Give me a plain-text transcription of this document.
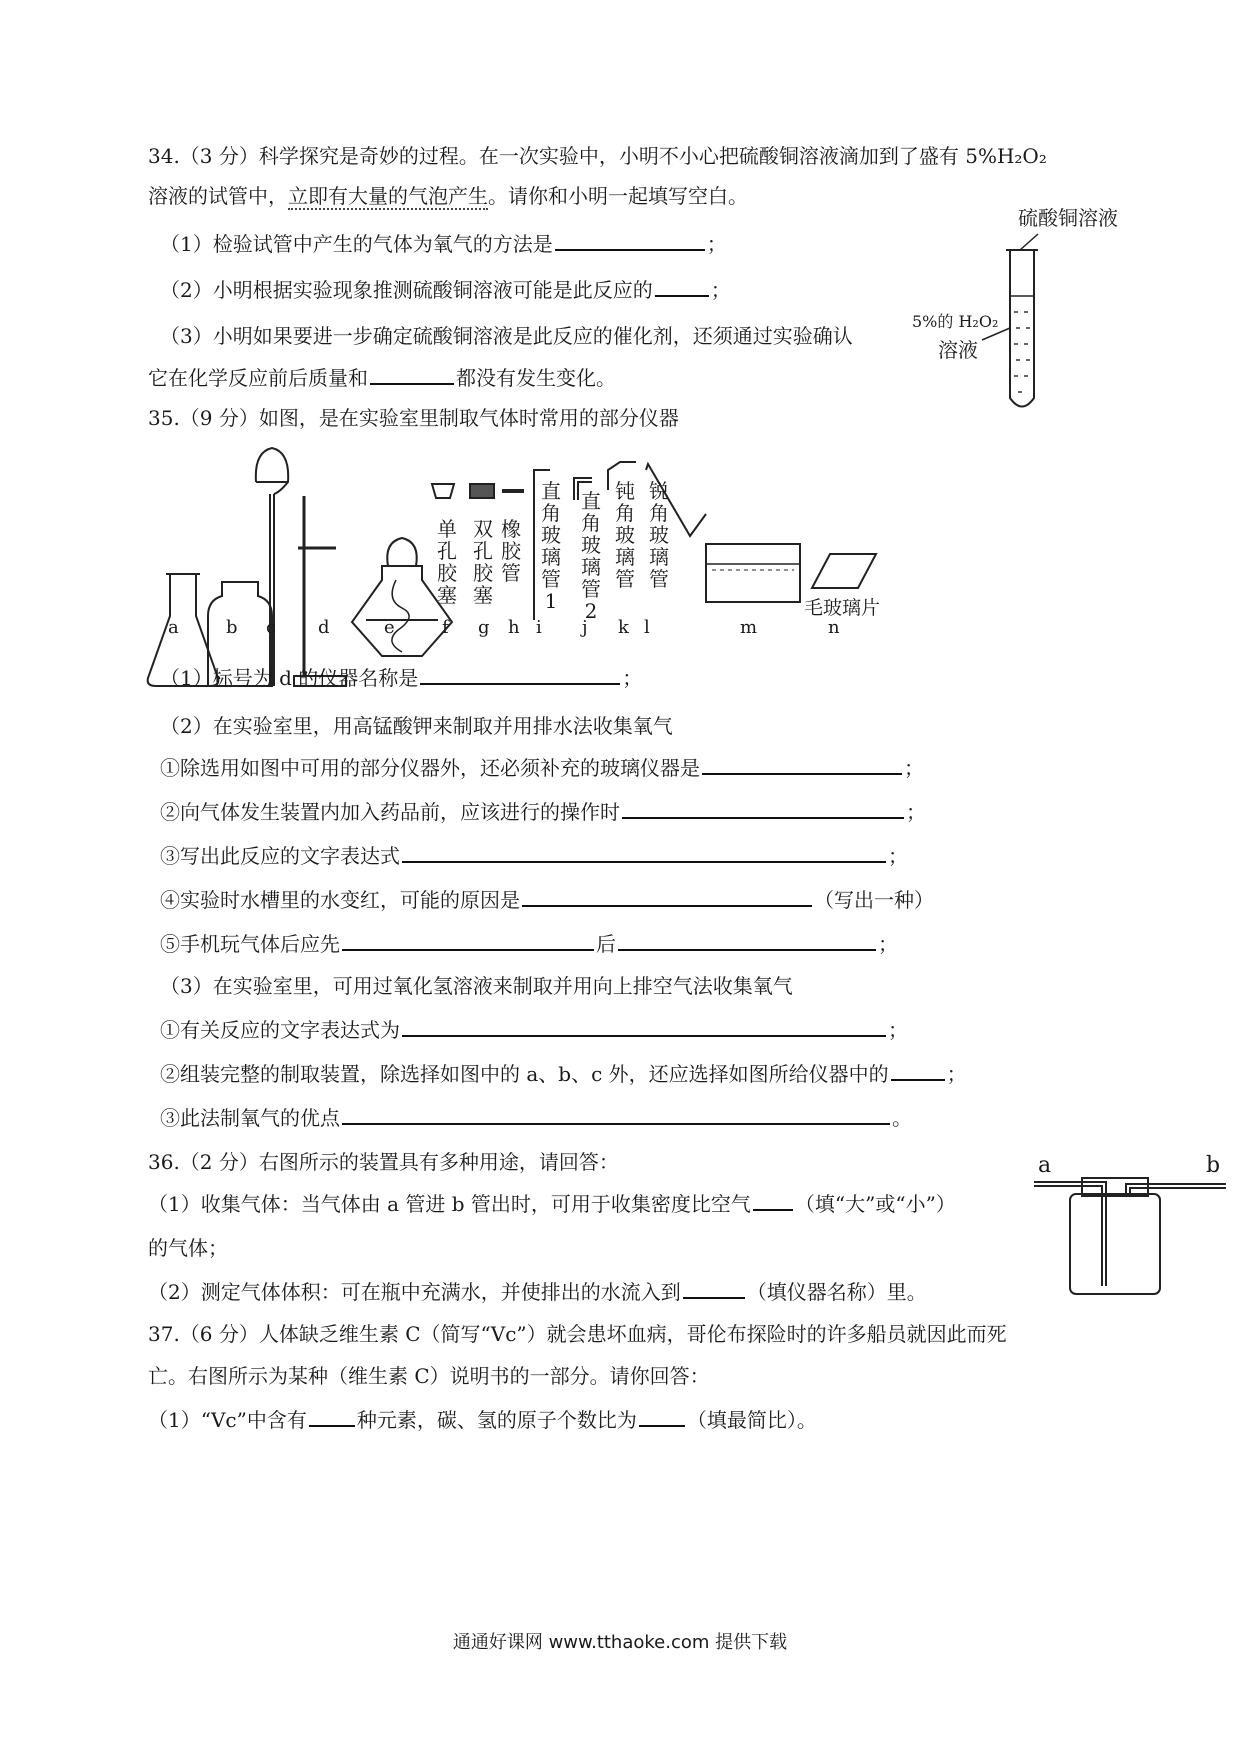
34.（3 分）科学探究是奇妙的过程。在一次实验中，小明不小心把硫酸铜溶液滴加到了盛有 5%H₂O₂
溶液的试管中，立即有大量的气泡产生。请你和小明一起填写空白。
（1）检验试管中产生的气体为氧气的方法是	；
（2）小明根据实验现象推测硫酸铜溶液可能是此反应的	；
（3）小明如果要进一步确定硫酸铜溶液是此反应的催化剂，还须通过实验确认
它在化学反应前后质量和	都没有发生变化。
硫酸铜溶液
5%的 H₂O₂
溶液
35.（9 分）如图，是在实验室里制取气体时常用的部分仪器
单孔胶塞
双孔胶塞
橡胶管
直角玻璃管1
直角玻璃管2
钝角玻璃管
锐角玻璃管
毛玻璃片
a	b c d	e	f g h i j k l	m	n
（1）标号为 d 的仪器名称是	；
（2）在实验室里，用高锰酸钾来制取并用排水法收集氧气
①除选用如图中可用的部分仪器外，还必须补充的玻璃仪器是	；
②向气体发生装置内加入药品前，应该进行的操作时	；
③写出此反应的文字表达式	；
④实验时水槽里的水变红，可能的原因是	（写出一种）
⑤手机玩气体后应先	后	；
（3）在实验室里，可用过氧化氢溶液来制取并用向上排空气法收集氧气
①有关反应的文字表达式为	；
②组装完整的制取装置，除选择如图中的 a、b、c 外，还应选择如图所给仪器中的	；
③此法制氧气的优点	。
36.（2 分）右图所示的装置具有多种用途，请回答：
（1）收集气体：当气体由 a 管进 b 管出时，可用于收集密度比空气 （填“大”或“小”）
的气体；
（2）测定气体体积：可在瓶中充满水，并使排出的水流入到	（填仪器名称）里。
a	b
37.（6 分）人体缺乏维生素 C（简写“Vc”）就会患坏血病，哥伦布探险时的许多船员就因此而死
亡。右图所示为某种（维生素 C）说明书的一部分。请你回答：
（1）“Vc”中含有	种元素，碳、氢的原子个数比为	（填最简比）。
通通好课网 www.tthaoke.com 提供下载
